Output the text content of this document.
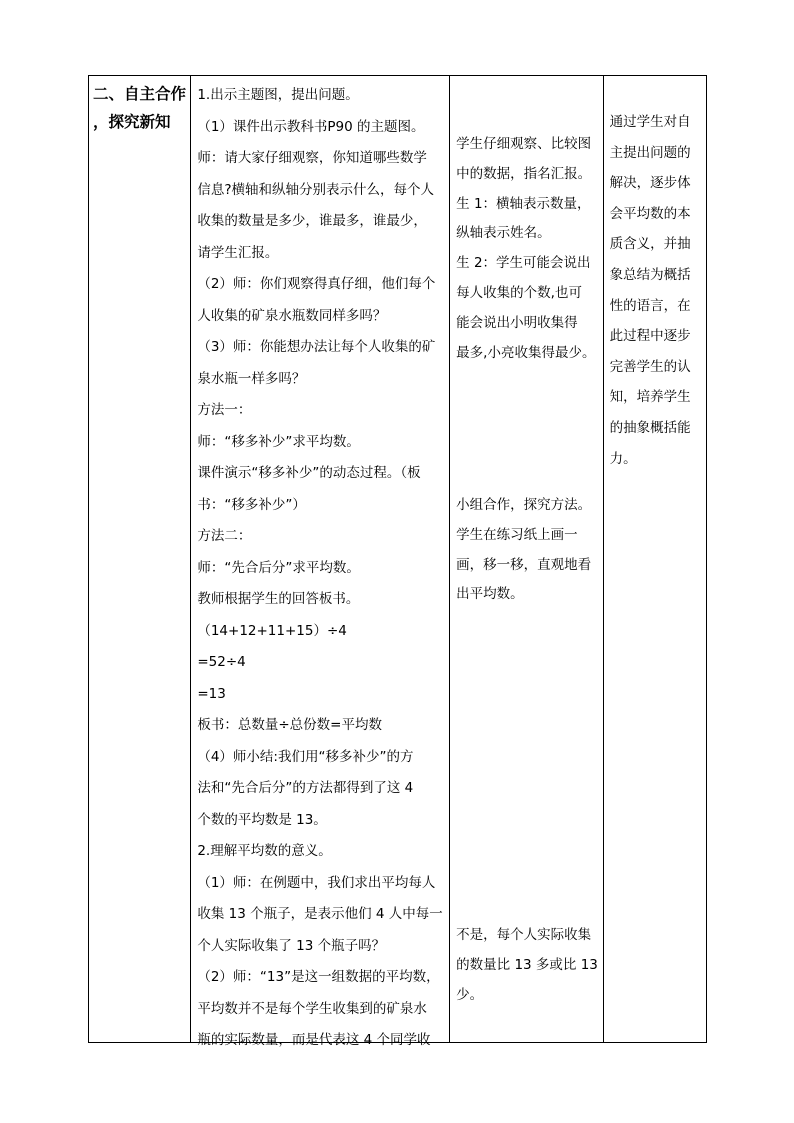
二、自主合作
，探究新知

1.出示主题图，提出问题。
（1）课件出示教科书P90 的主题图。
师：请大家仔细观察，你知道哪些数学
信息?横轴和纵轴分别表示什么，每个人
收集的数量是多少，谁最多，谁最少，
请学生汇报。
（2）师：你们观察得真仔细，他们每个
人收集的矿泉水瓶数同样多吗？
（3）师：你能想办法让每个人收集的矿
泉水瓶一样多吗？
方法一：
师：“移多补少”求平均数。
课件演示“移多补少”的动态过程。（板
书：“移多补少”）
方法二：
师：“先合后分”求平均数。
教师根据学生的回答板书。
（14+12+11+15）÷4
=52÷4
=13
板书：总数量÷总份数=平均数
（4）师小结:我们用“移多补少”的方
法和“先合后分”的方法都得到了这 4
个数的平均数是 13。
2.理解平均数的意义。
（1）师：在例题中，我们求出平均每人
收集 13 个瓶子，是表示他们 4 人中每一
个人实际收集了 13 个瓶子吗？
（2）师：“13”是这一组数据的平均数，
平均数并不是每个学生收集到的矿泉水
瓶的实际数量，而是代表这 4 个同学收

学生仔细观察、比较图
中的数据，指名汇报。
生 1：横轴表示数量，
纵轴表示姓名。
生 2：学生可能会说出
每人收集的个数,也可
能会说出小明收集得
最多,小亮收集得最少。
小组合作，探究方法。
学生在练习纸上画一
画，移一移，直观地看
出平均数。
不是，每个人实际收集
的数量比 13 多或比 13
少。

通过学生对自
主提出问题的
解决，逐步体
会平均数的本
质含义，并抽
象总结为概括
性的语言，在
此过程中逐步
完善学生的认
知，培养学生
的抽象概括能
力。
